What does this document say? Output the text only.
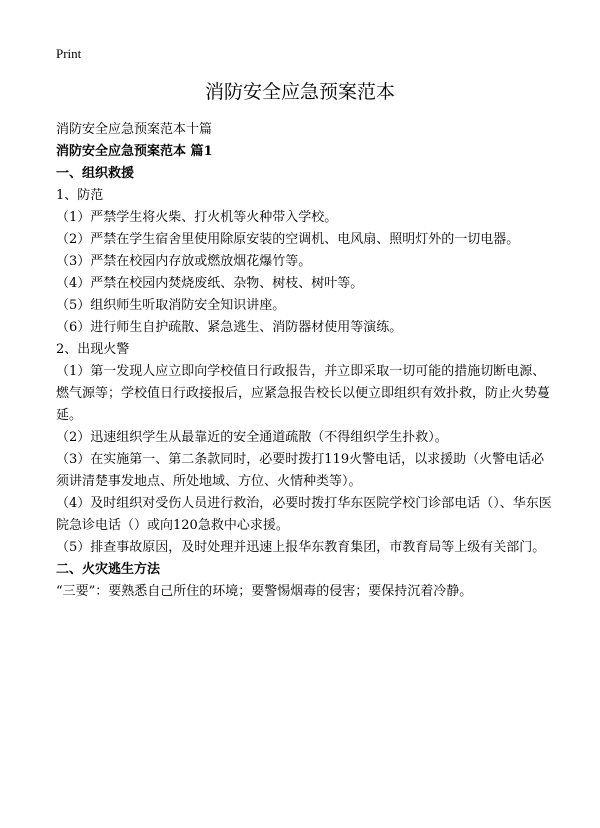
Print
消防安全应急预案范本

消防安全应急预案范本十篇

消防安全应急预案范本 篇1

一、组织救援

1、防范

（1）严禁学生将火柴、打火机等火种带入学校。

（2）严禁在学生宿舍里使用除原安装的空调机、电风扇、照明灯外的一切电器。

（3）严禁在校园内存放或燃放烟花爆竹等。

（4）严禁在校园内焚烧废纸、杂物、树枝、树叶等。

（5）组织师生听取消防安全知识讲座。

（6）进行师生自护疏散、紧急逃生、消防器材使用等演练。

2、出现火警

（1）第一发现人应立即向学校值日行政报告，并立即采取一切可能的措施切断电源、燃气源等；学校值日行政接报后，应紧急报告校长以便立即组织有效扑救，防止火势蔓延。

（2）迅速组织学生从最靠近的安全通道疏散（不得组织学生扑救）。

（3）在实施第一、第二条款同时，必要时拨打119火警电话，以求援助（火警电话必须讲清楚事发地点、所处地域、方位、火情种类等）。

（4）及时组织对受伤人员进行救治，必要时拨打华东医院学校门诊部电话（）、华东医院急诊电话（）或向120急救中心求援。

（5）排查事故原因，及时处理并迅速上报华东教育集团，市教育局等上级有关部门。

二、火灾逃生方法

“三要”：要熟悉自己所住的环境；要警惕烟毒的侵害；要保持沉着冷静。
